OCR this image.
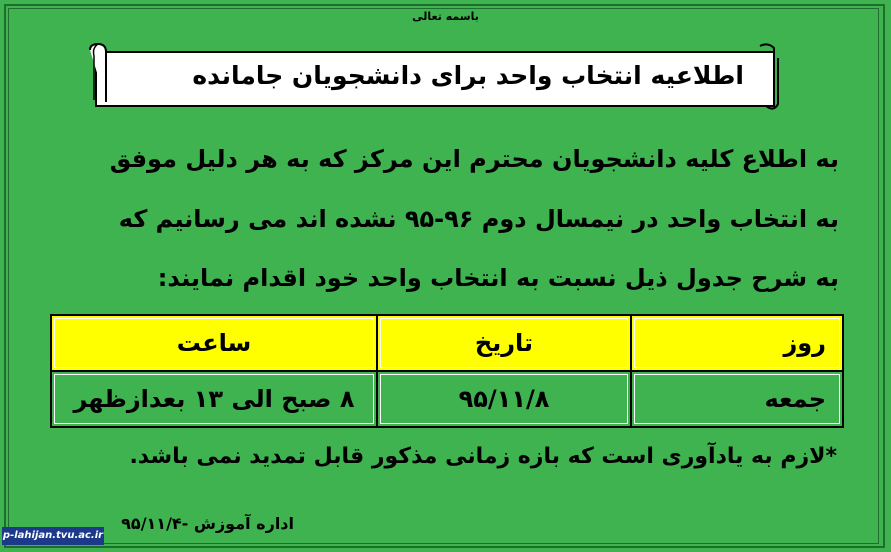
باسمه تعالی
اطلاعیه انتخاب واحد برای دانشجویان جامانده
به اطلاع کلیه دانشجویان محترم این مرکز که به هر دلیل موفق
به انتخاب واحد در نیمسال دوم ۹۶-۹۵ نشده اند می رسانیم که
به شرح جدول ذیل نسبت به انتخاب واحد خود اقدام نمایند:
روز	تاریخ	ساعت
جمعه	۹۵/۱۱/۸	۸ صبح الی ۱۳ بعدازظهر
*لازم به یادآوری است که بازه زمانی مذکور قابل تمدید نمی باشد.
اداره آموزش -۹۵/۱۱/۴
p-lahijan.tvu.ac.ir
